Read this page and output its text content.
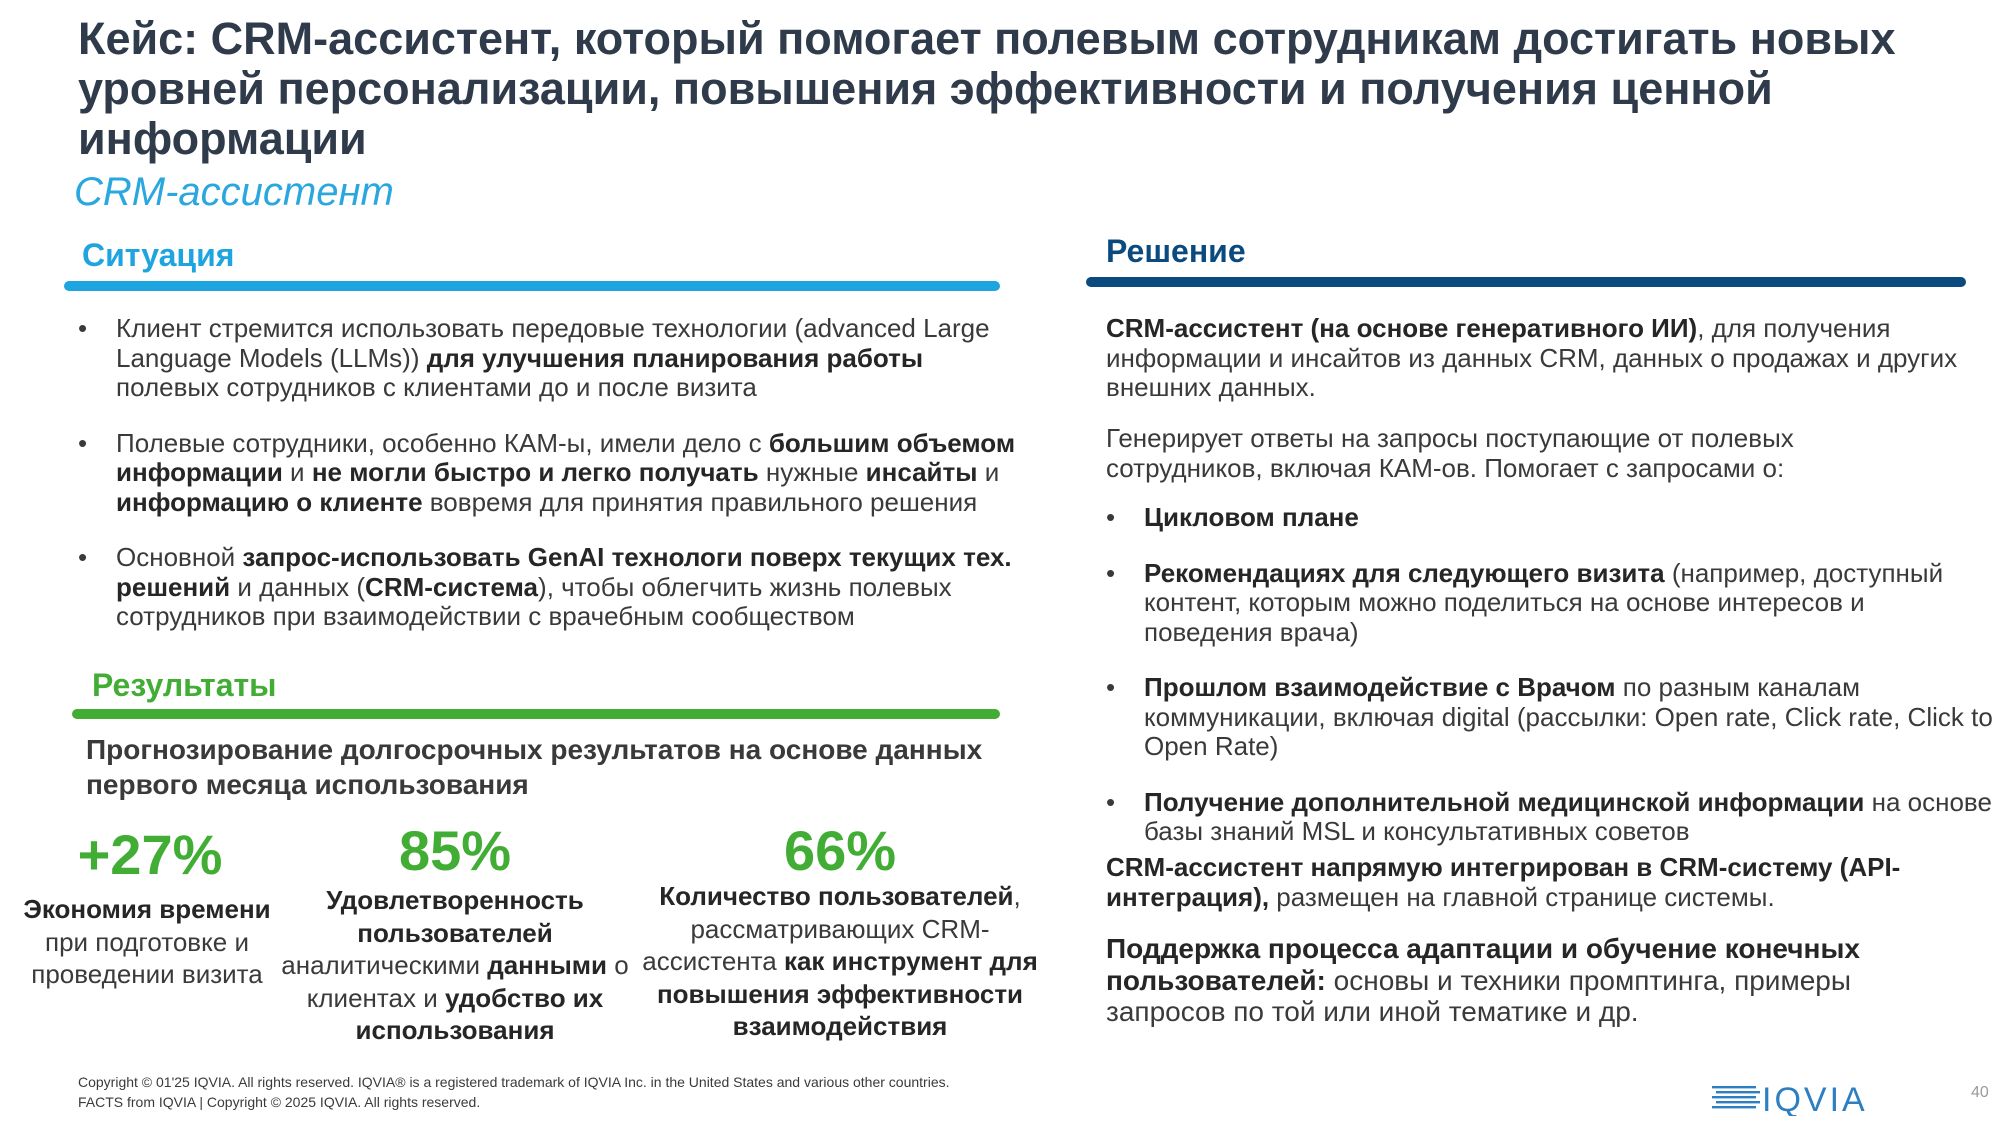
Кейс: CRM-ассистент, который помогает полевым сотрудникам достигать новых уровней персонализации, повышения эффективности и получения ценной информации
CRM-ассистент
Ситуация
• Клиент стремится использовать передовые технологии (advanced Large Language Models (LLMs)) для улучшения планирования работы полевых сотрудников с клиентами до и после визита
• Полевые сотрудники, особенно КАМ-ы, имели дело с большим объемом информации и не могли быстро и легко получать нужные инсайты и информацию о клиенте вовремя для принятия правильного решения
• Основной запрос-использовать GenAI технологи поверх текущих тех. решений и данных (CRM-система), чтобы облегчить жизнь полевых сотрудников при взаимодействии с врачебным сообществом
Результаты
Прогнозирование долгосрочных результатов на основе данных первого месяца использования
+27%
Экономия времени при подготовке и проведении визита
85%
Удовлетворенность пользователей аналитическими данными о клиентах и удобство их использования
66%
Количество пользователей, рассматривающих CRM-ассистента как инструмент для повышения эффективности взаимодействия
Решение

CRM-ассистент (на основе генеративного ИИ), для получения информации и инсайтов из данных CRM, данных о продажах и других внешних данных.

Генерирует ответы на запросы поступающие от полевых сотрудников, включая КАМ-ов. Помогает с запросами о:

• Цикловом плане
• Рекомендациях для следующего визита (например, доступный контент, которым можно поделиться на основе интересов и поведения врача)
• Прошлом взаимодействие с Врачом по разным каналам коммуникации, включая digital (рассылки: Open rate, Click rate, Click to Open Rate)
• Получение дополнительной медицинской информации на основе базы знаний MSL и консультативных советов

CRM-ассистент напрямую интегрирован в CRM-систему (API-интеграция), размещен на главной странице системы.

Поддержка процесса адаптации и обучение конечных пользователей: основы и техники промптинга, примеры запросов по той или иной тематике и др.

Copyright © 01'25 IQVIA. All rights reserved. IQVIA® is a registered trademark of IQVIA Inc. in the United States and various other countries.
FACTS from IQVIA | Copyright © 2025 IQVIA. All rights reserved.	IQVIA	40
